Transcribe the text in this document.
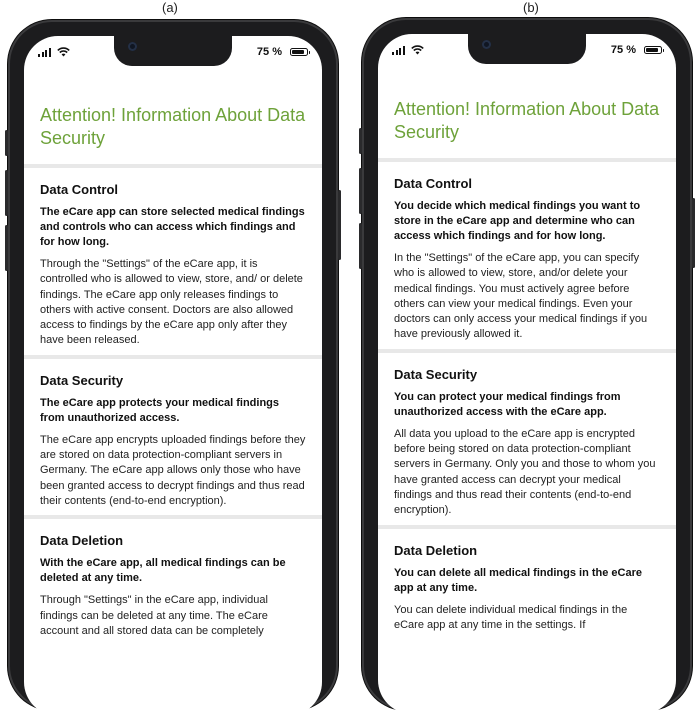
(a)	(b)
75 %
Attention! Information About Data Security
Data Control

The eCare app can store selected medical findings and controls who can access which findings and for how long.

Through the "Settings" of the eCare app, it is controlled who is allowed to view, store, and/ or delete findings. The eCare app only releases findings to others with active consent. Doctors are also allowed access to findings by the eCare app only after they have been released.

Data Security

The eCare app protects your medical findings from unauthorized access.

The eCare app encrypts uploaded findings before they are stored on data protection-compliant servers in Germany. The eCare app allows only those who have been granted access to decrypt findings and thus read their contents (end-to-end encryption).

Data Deletion

With the eCare app, all medical findings can be deleted at any time.

Through "Settings" in the eCare app, individual findings can be deleted at any time. The eCare account and all stored data can be completely

75 %
Attention! Information About Data Security
Data Control

You decide which medical findings you want to store in the eCare app and determine who can access which findings and for how long.

In the "Settings" of the eCare app, you can specify who is allowed to view, store, and/or delete your medical findings. You must actively agree before others can view your medical findings. Even your doctors can only access your medical findings if you have previously allowed it.

Data Security

You can protect your medical findings from unauthorized access with the eCare app.

All data you upload to the eCare app is encrypted before being stored on data protection-compliant servers in Germany. Only you and those to whom you have granted access can decrypt your medical findings and thus read their contents (end-to-end encryption).

Data Deletion

You can delete all medical findings in the eCare app at any time.

You can delete individual medical findings in the eCare app at any time in the settings. If
